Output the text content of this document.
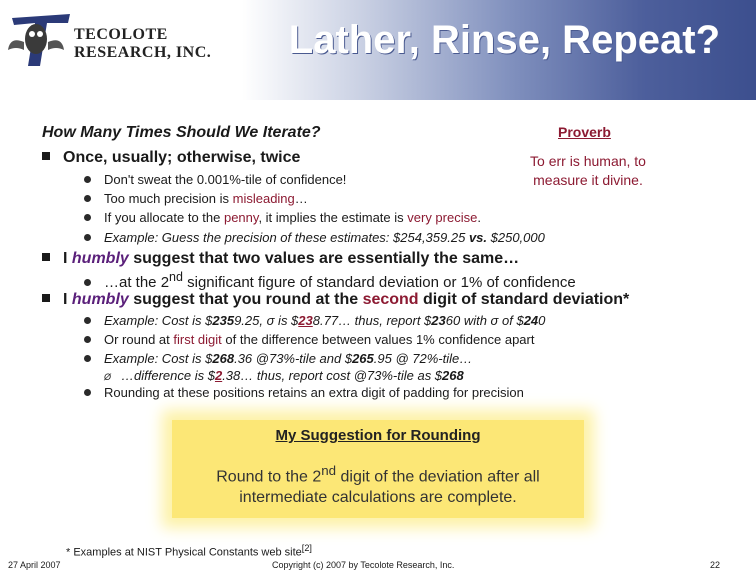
TECOLOTE
RESEARCH, INC. Lather, Rinse, Repeat?
How Many Times Should We Iterate?
Once, usually; otherwise, twice
Don't sweat the 0.001%-tile of confidence!
Too much precision is misleading…
If you allocate to the penny, it implies the estimate is very precise.
Example: Guess the precision of these estimates: $254,359.25 vs. $250,000
I humbly suggest that two values are essentially the same…
…at the 2nd significant figure of standard deviation or 1% of confidence
I humbly suggest that you round at the second digit of standard deviation*
Example: Cost is $2359.25, σ is $238.77… thus, report $2360 with σ of $240
Or round at first digit of the difference between values 1% confidence apart
Example: Cost is $268.36 @73%-tile and $265.95 @ 72%-tile…
Ø …difference is $2.38… thus, report cost @73%-tile as $268
Rounding at these positions retains an extra digit of padding for precision
Proverb
To err is human, to
measure it divine.
My Suggestion for Rounding
Round to the 2nd digit of the deviation after all intermediate calculations are complete.
* Examples at NIST Physical Constants web site[2]
27 April 2007	Copyright (c) 2007 by Tecolote Research, Inc.	22
